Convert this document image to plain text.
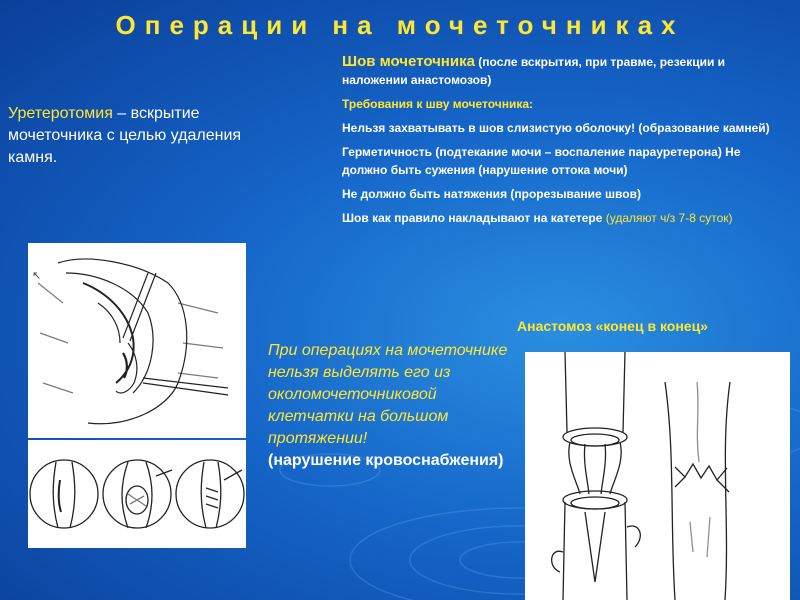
Операции на мочеточниках
Уретеротомия – вскрытие мочеточника с целью удаления камня.

Шов мочеточника (после вскрытия, при травме, резекции и наложении анастомозов)

Требования к шву мочеточника:

Нельзя захватывать в шов слизистую оболочку! (образование камней)

Герметичность (подтекание мочи – воспаление парауретерона) Не должно быть сужения (нарушение оттока мочи)

Не должно быть натяжения (прорезывание швов)

Шов как правило накладывают на катетере (удаляют ч/з 7-8 суток)

Анастомоз «конец в конец»
При операциях на мочеточнике нельзя выделять его из околомочеточниковой клетчатки на большом протяжении!
(нарушение кровоснабжения)
↖
